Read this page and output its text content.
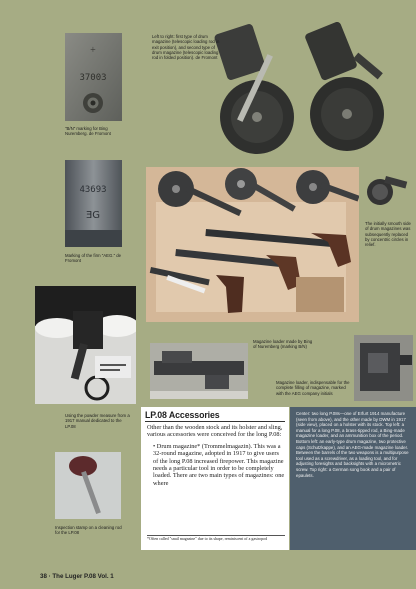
+
37003
43693
ƎG
Left to right: first type of drum magazine (telescopic loading rod in exit position), and second type of drum magazine (telescopic loading rod in folded position). de Fromont
"B/N" marking for Bing Nuremberg. de Fromont
Marking of the firm "AEG." de Fromont
The initially smooth side of drum magazines was subsequently replaced by concentric circles in relief.
Using the powder measure from a 1917 manual dedicated to the LP.08
Magazine loader made by Bing of Nuremberg (marking B/N)
Magazine loader, indispensable for the complete filling of magazine, marked with the AEG company initials
Inspection stamp on a cleaning rod for the LP.08
LP.08 Accessories

Other than the wooden stock and its holster and sling, various accessories were conceived for the long P.08:

• Drum magazine* (Trommelmagazin). This was a 32-round magazine, adopted in 1917 to give users of the long P.08 increased firepower. This magazine needs a particular tool in order to be completely loaded. There are two main types of magazines: one where

*Often called "snail magazine" due to its shape, reminiscent of a gastropod
Center: two long P.08s—one of Erfurt 1914 manufacture (seen from above), and the other made by DWM in 1917 (side view), placed on a holster with its stock. Top left: a manual for a long P.08, a brass-tipped rod, a Bing-made magazine loader, and an ammunition box of the period. Bottom left: an early-type drum magazine, two protective caps (Schutzkappe), and an AEG-made magazine loader. Between the barrels of the two weapons is a multipurpose tool used as a screwdriver, as a loading tool, and for adjusting foresights and backsights with a micrometric screw. Top right: a German song book and a pair of epaulets.
38 · The Luger P.08 Vol. 1
